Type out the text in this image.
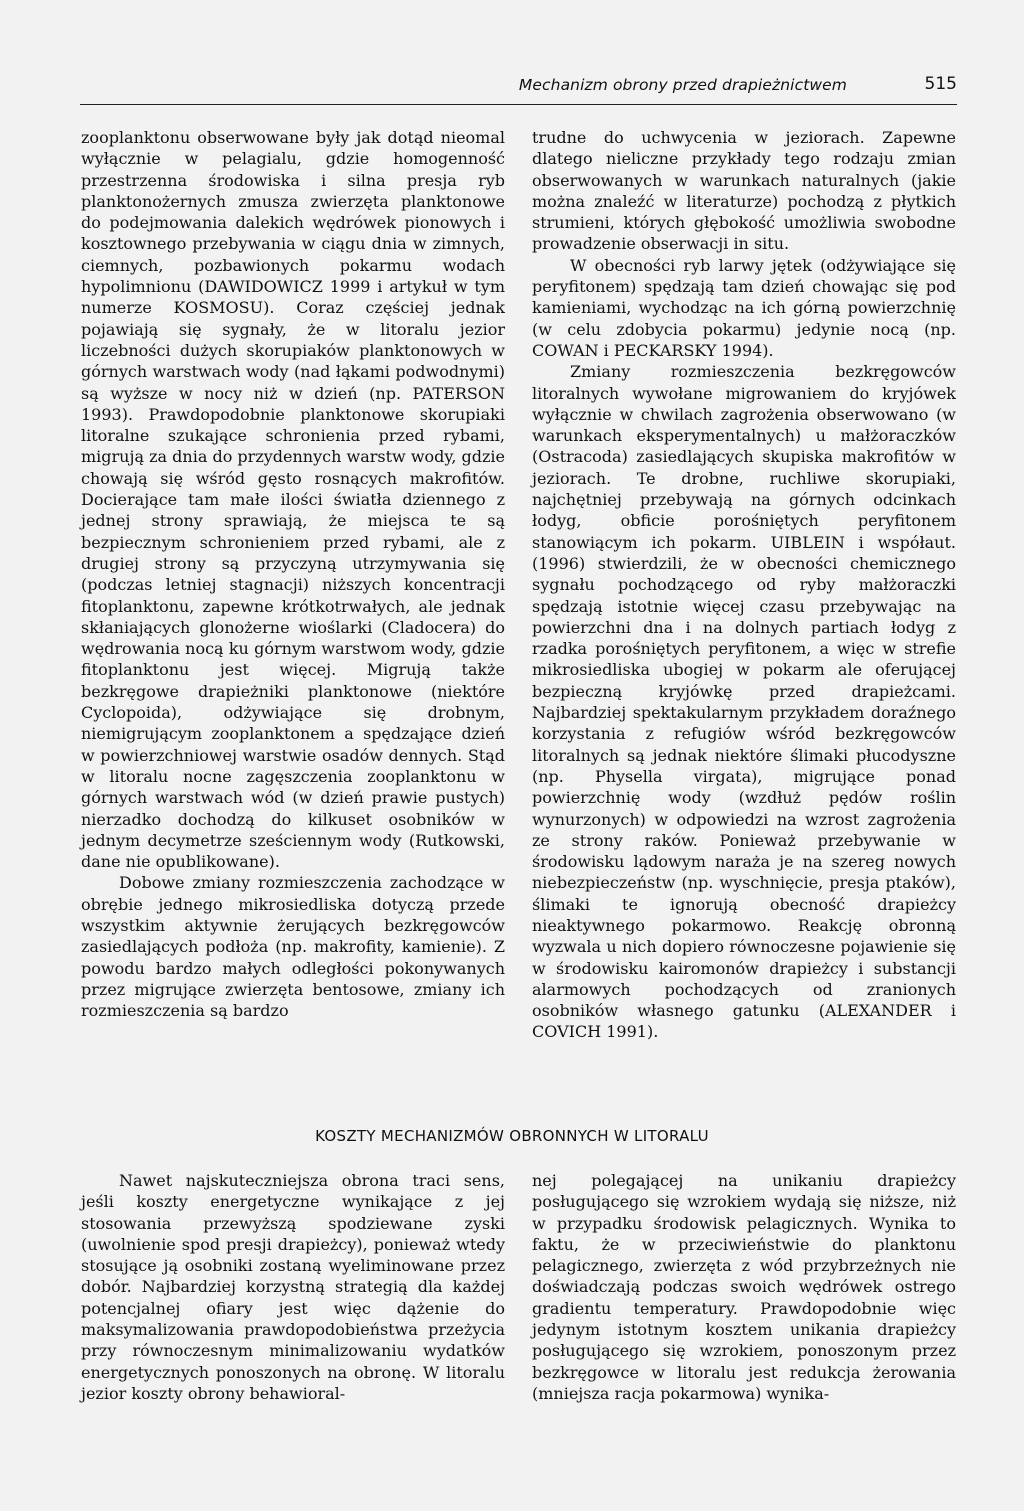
Mechanizm obrony przed drapieżnictwem	515

zooplanktonu obserwowane były jak dotąd nieomal wyłącznie w pelagialu, gdzie homogenność przestrzenna środowiska i silna presja ryb planktonożernych zmusza zwierzęta planktonowe do podejmowania dalekich wędrówek pionowych i kosztownego przebywania w ciągu dnia w zimnych, ciemnych, pozbawionych pokarmu wodach hypolimnionu (DAWIDOWICZ 1999 i artykuł w tym numerze KOSMOSU). Coraz częściej jednak pojawiają się sygnały, że w litoralu jezior liczebności dużych skorupiaków planktonowych w górnych warstwach wody (nad łąkami podwodnymi) są wyższe w nocy niż w dzień (np. PATERSON 1993). Prawdopodobnie planktonowe skorupiaki litoralne szukające schronienia przed rybami, migrują za dnia do przydennych warstw wody, gdzie chowają się wśród gęsto rosnących makrofitów. Docierające tam małe ilości światła dziennego z jednej strony sprawiają, że miejsca te są bezpiecznym schronieniem przed rybami, ale z drugiej strony są przyczyną utrzymywania się (podczas letniej stagnacji) niższych koncentracji fitoplanktonu, zapewne krótkotrwałych, ale jednak skłaniających glonożerne wioślarki (Cladocera) do wędrowania nocą ku górnym warstwom wody, gdzie fitoplanktonu jest więcej. Migrują także bezkręgowe drapieżniki planktonowe (niektóre Cyclopoida), odżywiające się drobnym, niemigrującym zooplanktonem a spędzające dzień w powierzchniowej warstwie osadów dennych. Stąd w litoralu nocne zagęszczenia zooplanktonu w górnych warstwach wód (w dzień prawie pustych) nierzadko dochodzą do kilkuset osobników w jednym decymetrze sześciennym wody (Rutkowski, dane nie opublikowane).

Dobowe zmiany rozmieszczenia zachodzące w obrębie jednego mikrosiedliska dotyczą przede wszystkim aktywnie żerujących bezkręgowców zasiedlających podłoża (np. makrofity, kamienie). Z powodu bardzo małych odległości pokonywanych przez migrujące zwierzęta bentosowe, zmiany ich rozmieszczenia są bardzo

trudne do uchwycenia w jeziorach. Zapewne dlatego nieliczne przykłady tego rodzaju zmian obserwowanych w warunkach naturalnych (jakie można znaleźć w literaturze) pochodzą z płytkich strumieni, których głębokość umożliwia swobodne prowadzenie obserwacji in situ.

W obecności ryb larwy jętek (odżywiające się peryfitonem) spędzają tam dzień chowając się pod kamieniami, wychodząc na ich górną powierzchnię (w celu zdobycia pokarmu) jedynie nocą (np. COWAN i PECKARSKY 1994).

Zmiany rozmieszczenia bezkręgowców litoralnych wywołane migrowaniem do kryjówek wyłącznie w chwilach zagrożenia obserwowano (w warunkach eksperymentalnych) u małżoraczków (Ostracoda) zasiedlających skupiska makrofitów w jeziorach. Te drobne, ruchliwe skorupiaki, najchętniej przebywają na górnych odcinkach łodyg, obficie porośniętych peryfitonem stanowiącym ich pokarm. UIBLEIN i współaut. (1996) stwierdzili, że w obecności chemicznego sygnału pochodzącego od ryby małżoraczki spędzają istotnie więcej czasu przebywając na powierzchni dna i na dolnych partiach łodyg z rzadka porośniętych peryfitonem, a więc w strefie mikrosiedliska ubogiej w pokarm ale oferującej bezpieczną kryjówkę przed drapieżcami. Najbardziej spektakularnym przykładem doraźnego korzystania z refugiów wśród bezkręgowców litoralnych są jednak niektóre ślimaki płucodyszne (np. Physella virgata), migrujące ponad powierzchnię wody (wzdłuż pędów roślin wynurzonych) w odpowiedzi na wzrost zagrożenia ze strony raków. Ponieważ przebywanie w środowisku lądowym naraża je na szereg nowych niebezpieczeństw (np. wyschnięcie, presja ptaków), ślimaki te ignorują obecność drapieżcy nieaktywnego pokarmowo. Reakcję obronną wyzwala u nich dopiero równoczesne pojawienie się w środowisku kairomonów drapieżcy i substancji alarmowych pochodzących od zranionych osobników własnego gatunku (ALEXANDER i COVICH 1991).

KOSZTY MECHANIZMÓW OBRONNYCH W LITORALU

Nawet najskuteczniejsza obrona traci sens, jeśli koszty energetyczne wynikające z jej stosowania przewyższą spodziewane zyski (uwolnienie spod presji drapieżcy), ponieważ wtedy stosujące ją osobniki zostaną wyeliminowane przez dobór. Najbardziej korzystną strategią dla każdej potencjalnej ofiary jest więc dążenie do maksymalizowania prawdopodobieństwa przeżycia przy równoczesnym minimalizowaniu wydatków energetycznych ponoszonych na obronę. W litoralu jezior koszty obrony behawioral-

nej polegającej na unikaniu drapieżcy posługującego się wzrokiem wydają się niższe, niż w przypadku środowisk pelagicznych. Wynika to faktu, że w przeciwieństwie do planktonu pelagicznego, zwierzęta z wód przybrzeżnych nie doświadczają podczas swoich wędrówek ostrego gradientu temperatury. Prawdopodobnie więc jedynym istotnym kosztem unikania drapieżcy posługującego się wzrokiem, ponoszonym przez bezkręgowce w litoralu jest redukcja żerowania (mniejsza racja pokarmowa) wynika-
